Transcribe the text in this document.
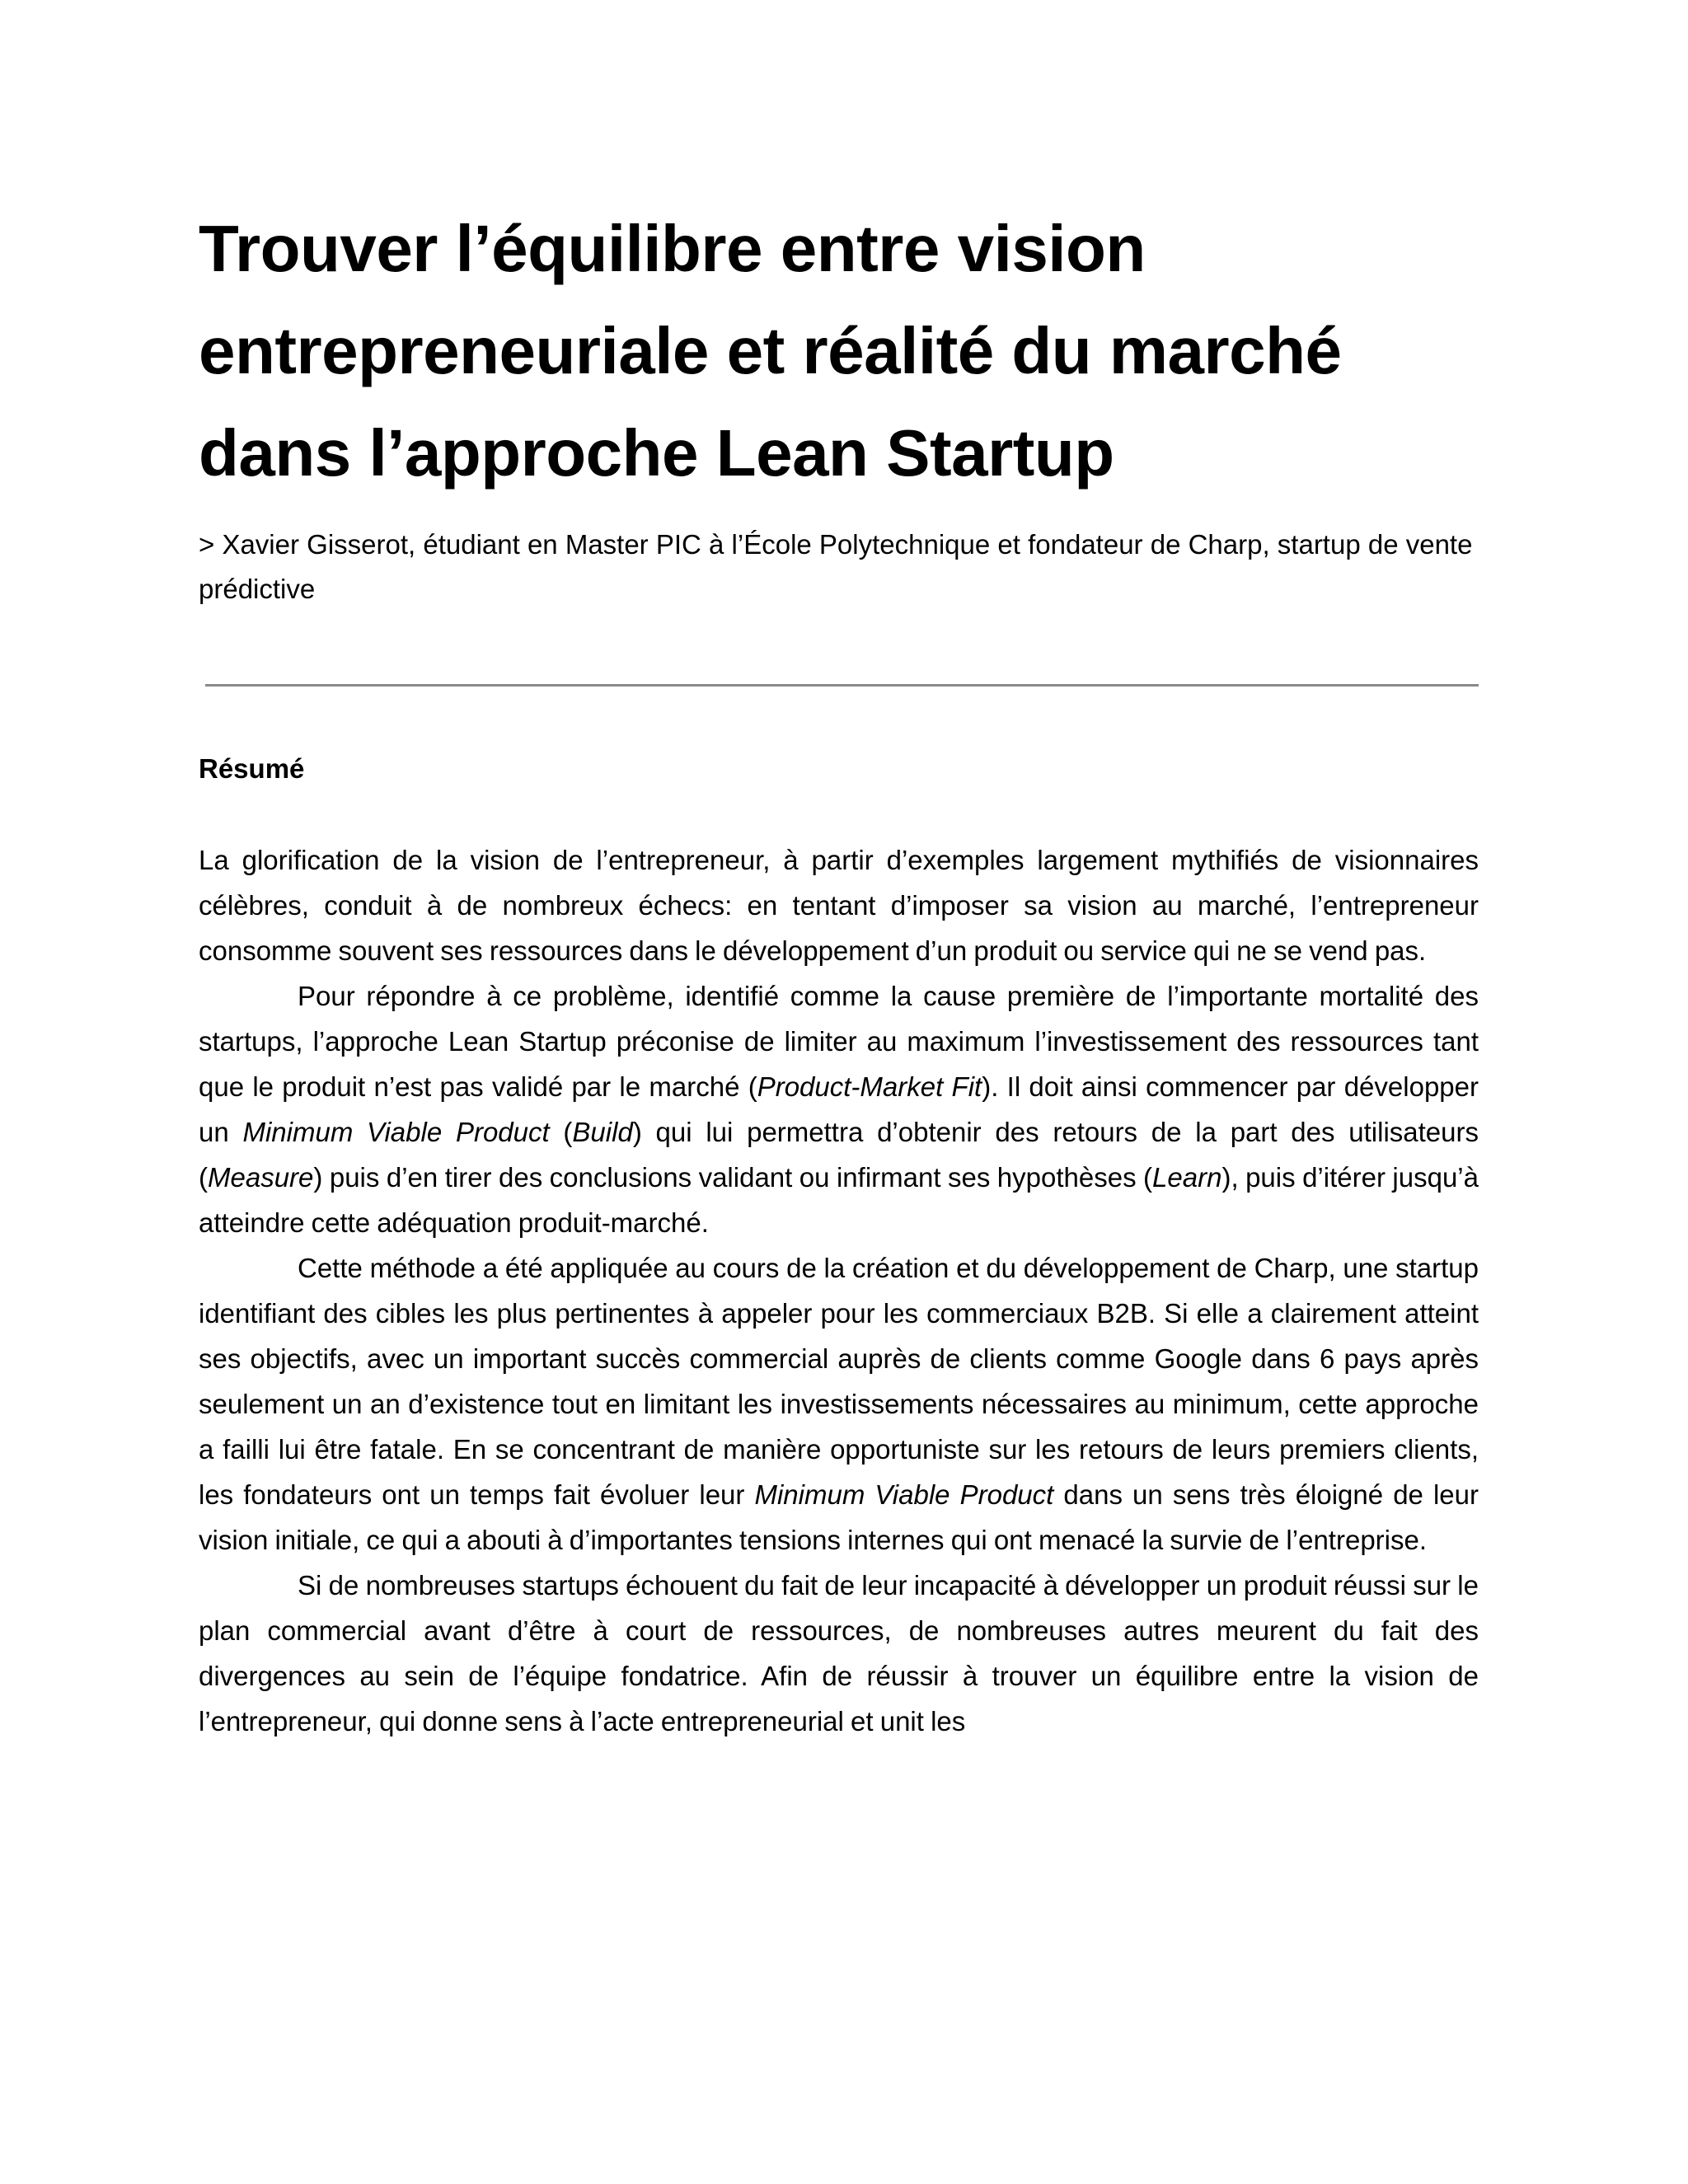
Trouver l’équilibre entre vision
entrepreneuriale et réalité du marché
dans l’approche Lean Startup

> Xavier Gisserot, étudiant en Master PIC à l’École Polytechnique et fondateur de Charp, startup de vente prédictive

Résumé

La glorification de la vision de l’entrepreneur, à partir d’exemples largement mythifiés de visionnaires célèbres, conduit à de nombreux échecs: en tentant d’imposer sa vision au marché, l’entrepreneur consomme souvent ses ressources dans le développement d’un produit ou service qui ne se vend pas.

Pour répondre à ce problème, identifié comme la cause première de l’importante mortalité des startups, l’approche Lean Startup préconise de limiter au maximum l’investissement des ressources tant que le produit n’est pas validé par le marché (Product-Market Fit). Il doit ainsi commencer par développer un Minimum Viable Product (Build) qui lui permettra d’obtenir des retours de la part des utilisateurs (Measure) puis d’en tirer des conclusions validant ou infirmant ses hypothèses (Learn), puis d’itérer jusqu’à atteindre cette adéquation produit-marché.

Cette méthode a été appliquée au cours de la création et du développement de Charp, une startup identifiant des cibles les plus pertinentes à appeler pour les commerciaux B2B. Si elle a clairement atteint ses objectifs, avec un important succès commercial auprès de clients comme Google dans 6 pays après seulement un an d’existence tout en limitant les investissements nécessaires au minimum, cette approche a failli lui être fatale. En se concentrant de manière opportuniste sur les retours de leurs premiers clients, les fondateurs ont un temps fait évoluer leur Minimum Viable Product dans un sens très éloigné de leur vision initiale, ce qui a abouti à d’importantes tensions internes qui ont menacé la survie de l’entreprise.

Si de nombreuses startups échouent du fait de leur incapacité à développer un produit réussi sur le plan commercial avant d’être à court de ressources, de nombreuses autres meurent du fait des divergences au sein de l’équipe fondatrice. Afin de réussir à trouver un équilibre entre la vision de l’entrepreneur, qui donne sens à l’acte entrepreneurial et unit les
